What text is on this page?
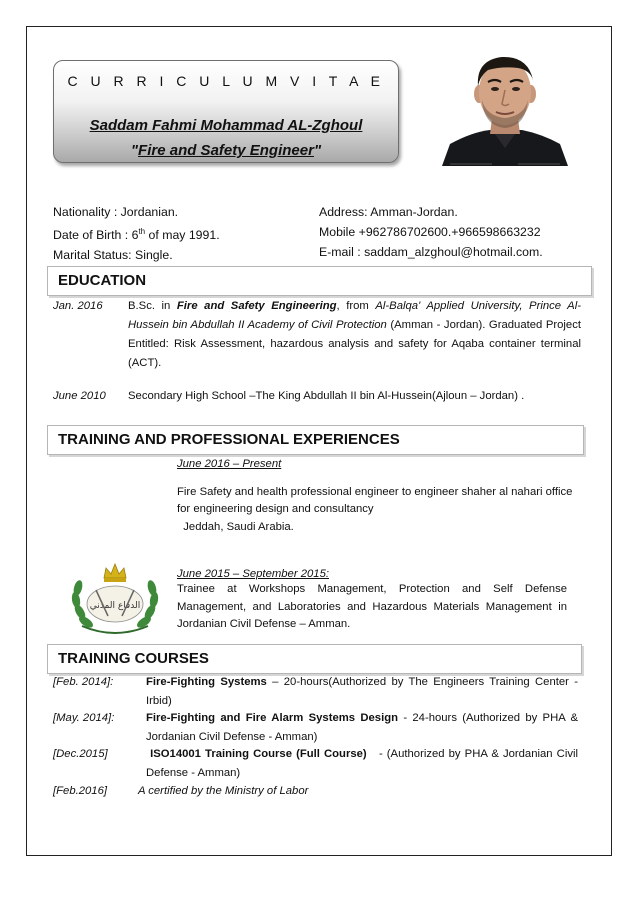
C U R R I C U L U M V I T A E
Saddam Fahmi Mohammad AL-Zghoul
"Fire and Safety Engineer"
Nationality : Jordanian.
Date of Birth : 6th of may 1991.
Marital Status: Single.
Address: Amman-Jordan.
Mobile +962786702600.+966598663232
E-mail : saddam_alzghoul@hotmail.com.
EDUCATION
Jan. 2016 B.Sc. in Fire and Safety Engineering, from Al-Balqa' Applied University, Prince Al-Hussein bin Abdullah II Academy of Civil Protection (Amman - Jordan). Graduated Project Entitled: Risk Assessment, hazardous analysis and safety for Aqaba container terminal (ACT).
June 2010 Secondary High School –The King Abdullah II bin Al-Hussein(Ajloun – Jordan) .
TRAINING AND PROFESSIONAL EXPERIENCES
June 2016 – Present
Fire Safety and health professional engineer to engineer shaher al nahari office for engineering design and consultancy
Jeddah, Saudi Arabia.
June 2015 – September 2015:
Trainee at Workshops Management, Protection and Self Defense Management, and Laboratories and Hazardous Materials Management in Jordanian Civil Defense – Amman.
الدفاع المدني
TRAINING COURSES
[Feb. 2014]:	Fire-Fighting Systems – 20-hours(Authorized by The Engineers Training Center - Irbid)
[May. 2014]:	Fire-Fighting and Fire Alarm Systems Design - 24-hours (Authorized by PHA & Jordanian Civil Defense - Amman)
[Dec.2015]	ISO14001 Training Course (Full Course)   - (Authorized by PHA & Jordanian Civil Defense - Amman)
[Feb.2016]	A certified by the Ministry of Labor
